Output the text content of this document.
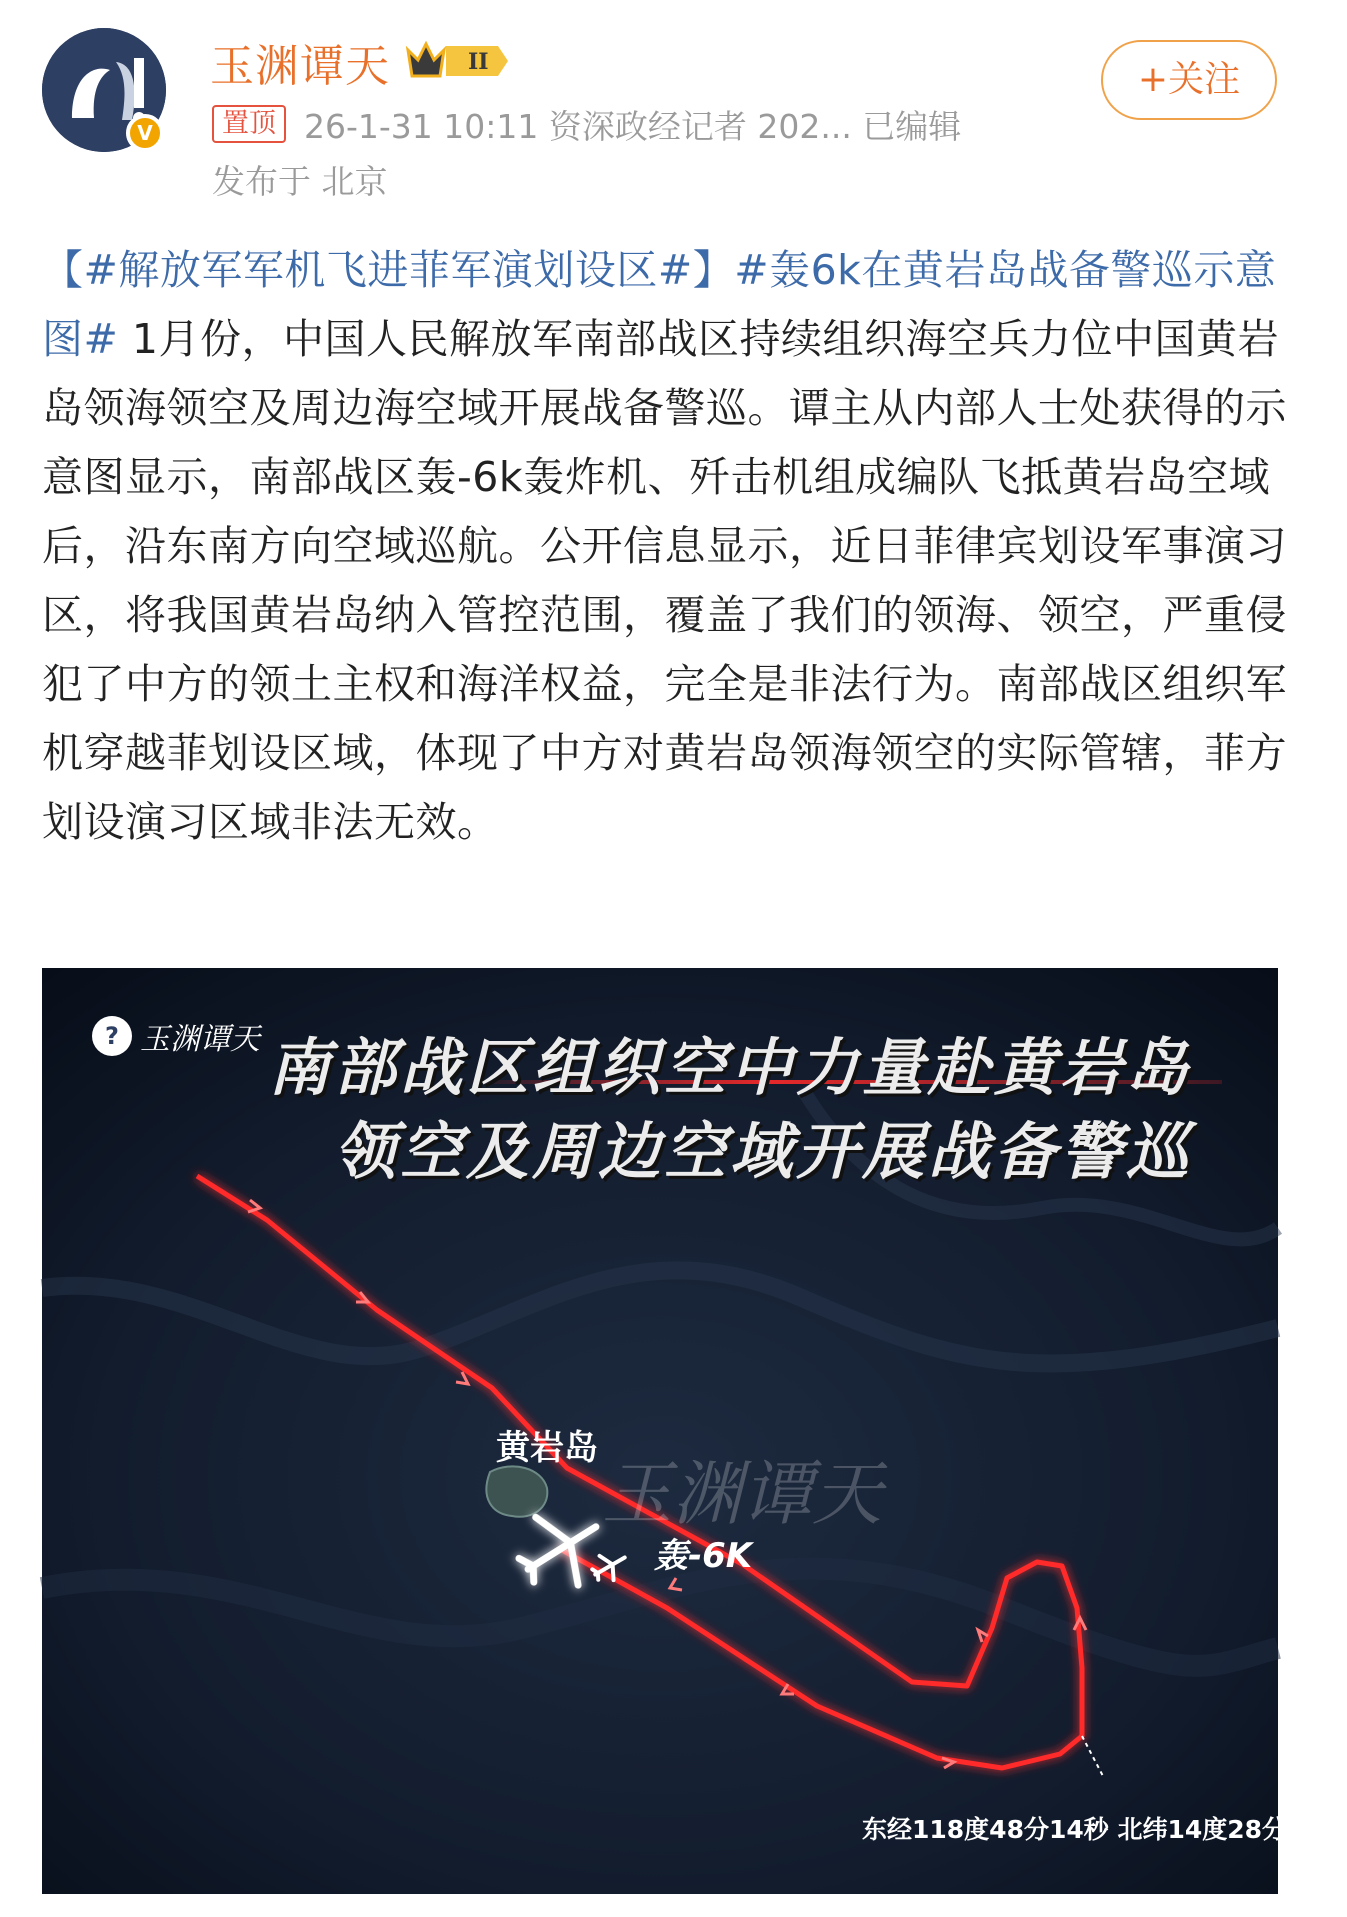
V
玉渊谭天	II
置顶 26-1-31 10:11 资深政经记者 202... 已编辑
发布于 北京
+关注
【#解放军军机飞进菲军演划设区#】#轰6k在黄岩岛战备警巡示意图# 1月份，中国人民解放军南部战区持续组织海空兵力位中国黄岩岛领海领空及周边海空域开展战备警巡。谭主从内部人士处获得的示意图显示，南部战区轰-6k轰炸机、歼击机组成编队飞抵黄岩岛空域后，沿东南方向空域巡航。公开信息显示，近日菲律宾划设军事演习区，将我国黄岩岛纳入管控范围，覆盖了我们的领海、领空，严重侵犯了中方的领土主权和海洋权益，完全是非法行为。南部战区组织军机穿越菲划设区域，体现了中方对黄岩岛领海领空的实际管辖，菲方划设演习区域非法无效。
? 玉渊谭天 南部战区组织空中力量赴黄岩岛
领空及周边空域开展战备警巡
玉渊谭天
黄岩岛
轰-6K
东经118度48分14秒 北纬14度28分23秒
